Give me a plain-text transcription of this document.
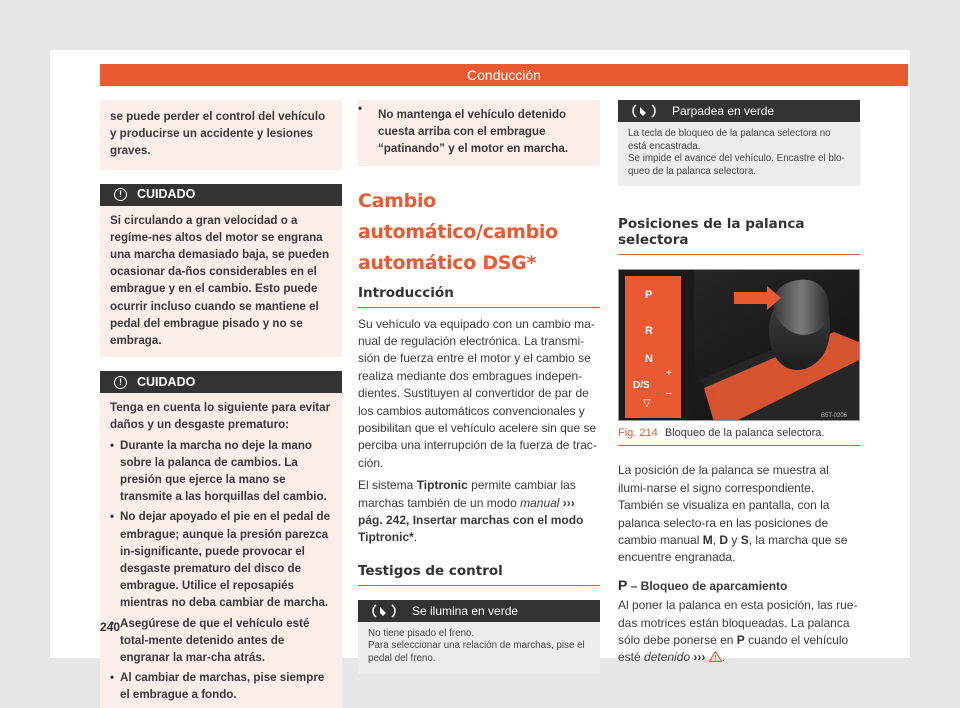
Conducción
se puede perder el control del vehículo y producirse un accidente y lesiones graves.
!	CUIDADO
Si circulando a gran velocidad o a regíme-nes altos del motor se engrana una marcha demasiado baja, se pueden ocasionar da-ños considerables en el embrague y en el cambio. Esto puede ocurrir incluso cuando se mantiene el pedal del embrague pisado y no se embraga.
!	CUIDADO
Tenga en cuenta lo siguiente para evitar daños y un desgaste prematuro:
• Durante la marcha no deje la mano sobre la palanca de cambios. La presión que ejerce la mano se transmite a las horquillas del cambio.
• No dejar apoyado el pie en el pedal de embrague; aunque la presión parezca in-significante, puede provocar el desgaste prematuro del disco de embrague. Utilice el reposapiés mientras no deba cambiar de marcha.
• Asegúrese de que el vehículo esté total-mente detenido antes de engranar la mar-cha atrás.
• Al cambiar de marchas, pise siempre el embrague a fondo.
240
• No mantenga el vehículo detenido cuesta arriba con el embrague “patinando” y el motor en marcha.
Cambio automático/cambio automático DSG*
Introducción

Su vehículo va equipado con un cambio ma-nual de regulación electrónica. La transmi-sión de fuerza entre el motor y el cambio se realiza mediante dos embragues indepen-dientes. Sustituyen al convertidor de par de los cambios automáticos convencionales y posibilitan que el vehículo acelere sin que se perciba una interrupción de la fuerza de trac-ción.

El sistema Tiptronic permite cambiar las marchas también de un modo manual ››› pág. 242, Insertar marchas con el modo Tiptronic*.

Testigos de control
Se ilumina en verde
No tiene pisado el freno.
Para seleccionar una relación de marchas, pise el pedal del freno.
Parpadea en verde
La tecla de bloqueo de la palanca selectora no está encastrada.
Se impide el avance del vehículo. Encastre el blo-queo de la palanca selectora.
Posiciones de la palanca selectora
P
R
N
D/S
▽
+
–
B5T-0206
Fig. 214 Bloqueo de la palanca selectora.

La posición de la palanca se muestra al ilumi-narse el signo correspondiente. También se visualiza en pantalla, con la palanca selecto-ra en las posiciones de cambio manual M, D y S, la marcha que se encuentre engranada.

P – Bloqueo de aparcamiento

Al poner la palanca en esta posición, las rue-das motrices están bloqueadas. La palanca sólo debe ponerse en P cuando el vehículo esté detenido ››› .
